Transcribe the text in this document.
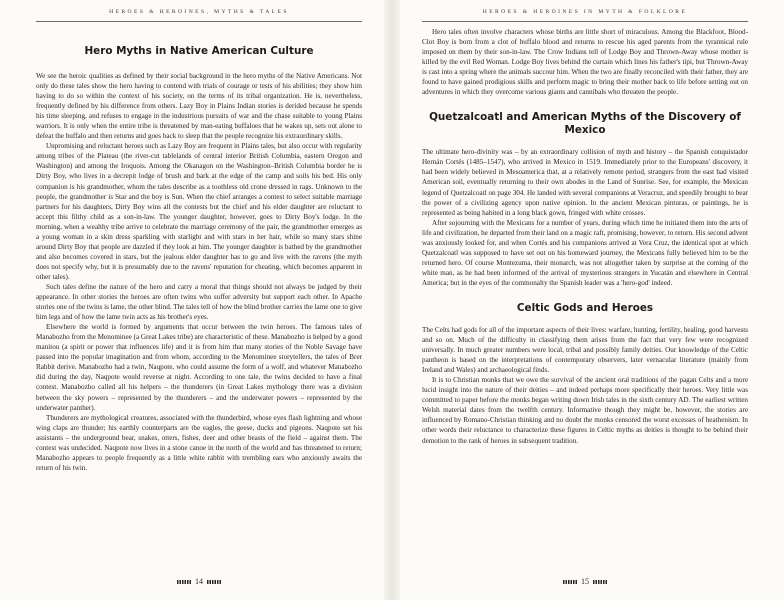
HEROES & HEROINES, MYTHS & TALES
Hero Myths in Native American Culture

We see the heroic qualities as defined by their social background in the hero myths of the Native Americans. Not only do these tales show the hero having to contend with trials of courage or tests of his abilities; they show him having to do so within the context of his society, on the terms of its tribal organization. He is, nevertheless, frequently defined by his difference from others. Lazy Boy in Plains Indian stories is derided because he spends his time sleeping, and refuses to engage in the industrious pursuits of war and the chase suitable to young Plains warriors. It is only when the entire tribe is threatened by man-eating buffaloes that he wakes up, sets out alone to defeat the buffalo and then returns and goes back to sleep that the people recognize his extraordinary skills.

Unpromising and reluctant heroes such as Lazy Boy are frequent in Plains tales, but also occur with regularity among tribes of the Plateau (the river-cut tablelands of central interior British Columbia, eastern Oregon and Washington) and among the Iroquois. Among the Okanagon on the Washington–British Columbia border he is Dirty Boy, who lives in a decrepit lodge of brush and bark at the edge of the camp and soils his bed. His only companion is his grandmother, whom the tales describe as a toothless old crone dressed in rags. Unknown to the people, the grandmother is Star and the boy is Sun. When the chief arranges a contest to select suitable marriage partners for his daughters, Dirty Boy wins all the contests but the chief and his elder daughter are reluctant to accept this filthy child as a son-in-law. The younger daughter, however, goes to Dirty Boy's lodge. In the morning, when a wealthy tribe arrive to celebrate the marriage ceremony of the pair, the grandmother emerges as a young woman in a skin dress sparkling with starlight and with stars in her hair, while so many stars shine around Dirty Boy that people are dazzled if they look at him. The younger daughter is bathed by the grandmother and also becomes covered in stars, but the jealous elder daughter has to go and live with the ravens (the myth does not specify why, but it is presumably due to the ravens' reputation for cheating, which becomes apparent in other tales).

Such tales define the nature of the hero and carry a moral that things should not always be judged by their appearance. In other stories the heroes are often twins who suffer adversity but support each other. In Apache stories one of the twins is lame, the other blind. The tales tell of how the blind brother carries the lame one to give him legs and of how the lame twin acts as his brother's eyes.

Elsewhere the world is formed by arguments that occur between the twin heroes. The famous tales of Manabozho from the Menominee (a Great Lakes tribe) are characteristic of these. Manabozho is helped by a good manitou (a spirit or power that influences life) and it is from him that many stories of the Noble Savage have passed into the popular imagination and from whom, according to the Menominee storytellers, the tales of Brer Rabbit derive. Manabozho had a twin, Naqpote, who could assume the form of a wolf, and whatever Manabozho did during the day, Naqpote would reverse at night. According to one tale, the twins decided to have a final contest. Manabozho called all his helpers – the thunderers (in Great Lakes mythology there was a division between the sky powers – represented by the thunderers – and the underwater powers – represented by the underwater panther).

Thunderers are mythological creatures, associated with the thunderbird, whose eyes flash lightning and whose wing claps are thunder; his earthly counterparts are the eagles, the geese, ducks and pigeons. Naqpote set his assistants – the underground bear, snakes, otters, fishes, deer and other beasts of the field – against them. The contest was undecided. Naqpote now lives in a stone canoe in the north of the world and has threatened to return; Manabozho appears to people frequently as a little white rabbit with trembling ears who anxiously awaits the return of his twin.

14
HEROES & HEROINES IN MYTH & FOLKLORE

Hero tales often involve characters whose births are little short of miraculous. Among the Blackfoot, Blood-Clot Boy is born from a clot of buffalo blood and returns to rescue his aged parents from the tyrannical rule imposed on them by their son-in-law. The Crow Indians tell of Lodge Boy and Thrown-Away whose mother is killed by the evil Red Woman. Lodge Boy lives behind the curtain which lines his father's tipi, but Thrown-Away is cast into a spring where the animals succour him. When the two are finally reconciled with their father, they are found to have gained prodigious skills and perform magic to bring their mother back to life before setting out on adventures in which they overcome various giants and cannibals who threaten the people.

Quetzalcoatl and American Myths of the Discovery of Mexico

The ultimate hero-divinity was – by an extraordinary collision of myth and history – the Spanish conquistador Hernán Cortés (1485–1547), who arrived in Mexico in 1519. Immediately prior to the Europeans' discovery, it had been widely believed in Mesoamerica that, at a relatively remote period, strangers from the east had visited American soil, eventually returning to their own abodes in the Land of Sunrise. See, for example, the Mexican legend of Quetzalcoatl on page 304. He landed with several companions at Veracruz, and speedily brought to bear the power of a civilizing agency upon native opinion. In the ancient Mexican pinturas, or paintings, he is represented as being habited in a long black gown, fringed with white crosses.

After sojourning with the Mexicans for a number of years, during which time he initiated them into the arts of life and civilization, he departed from their land on a magic raft, promising, however, to return. His second advent was anxiously looked for, and when Cortés and his companions arrived at Vera Cruz, the identical spot at which Quetzalcoatl was supposed to have set out on his homeward journey, the Mexicans fully believed him to be the returned hero. Of course Montezuma, their monarch, was not altogether taken by surprise at the coming of the white man, as he had been informed of the arrival of mysterious strangers in Yucatán and elsewhere in Central America; but in the eyes of the commonalty the Spanish leader was a 'hero-god' indeed.

Celtic Gods and Heroes

The Celts had gods for all of the important aspects of their lives: warfare, hunting, fertility, healing, good harvests and so on. Much of the difficulty in classifying them arises from the fact that very few were recognized universally. In much greater numbers were local, tribal and possibly family deities. Our knowledge of the Celtic pantheon is based on the interpretations of contemporary observers, later vernacular literature (mainly from Ireland and Wales) and archaeological finds.

It is to Christian monks that we owe the survival of the ancient oral traditions of the pagan Celts and a more lucid insight into the nature of their deities – and indeed perhaps more specifically their heroes. Very little was committed to paper before the monks began writing down Irish tales in the sixth century AD. The earliest written Welsh material dates from the twelfth century. Informative though they might be, however, the stories are influenced by Romano-Christian thinking and no doubt the monks censored the worst excesses of heathenism. In other words their reluctance to characterize these figures in Celtic myths as deities is thought to be behind their demotion to the rank of heroes in subsequent tradition.

15
